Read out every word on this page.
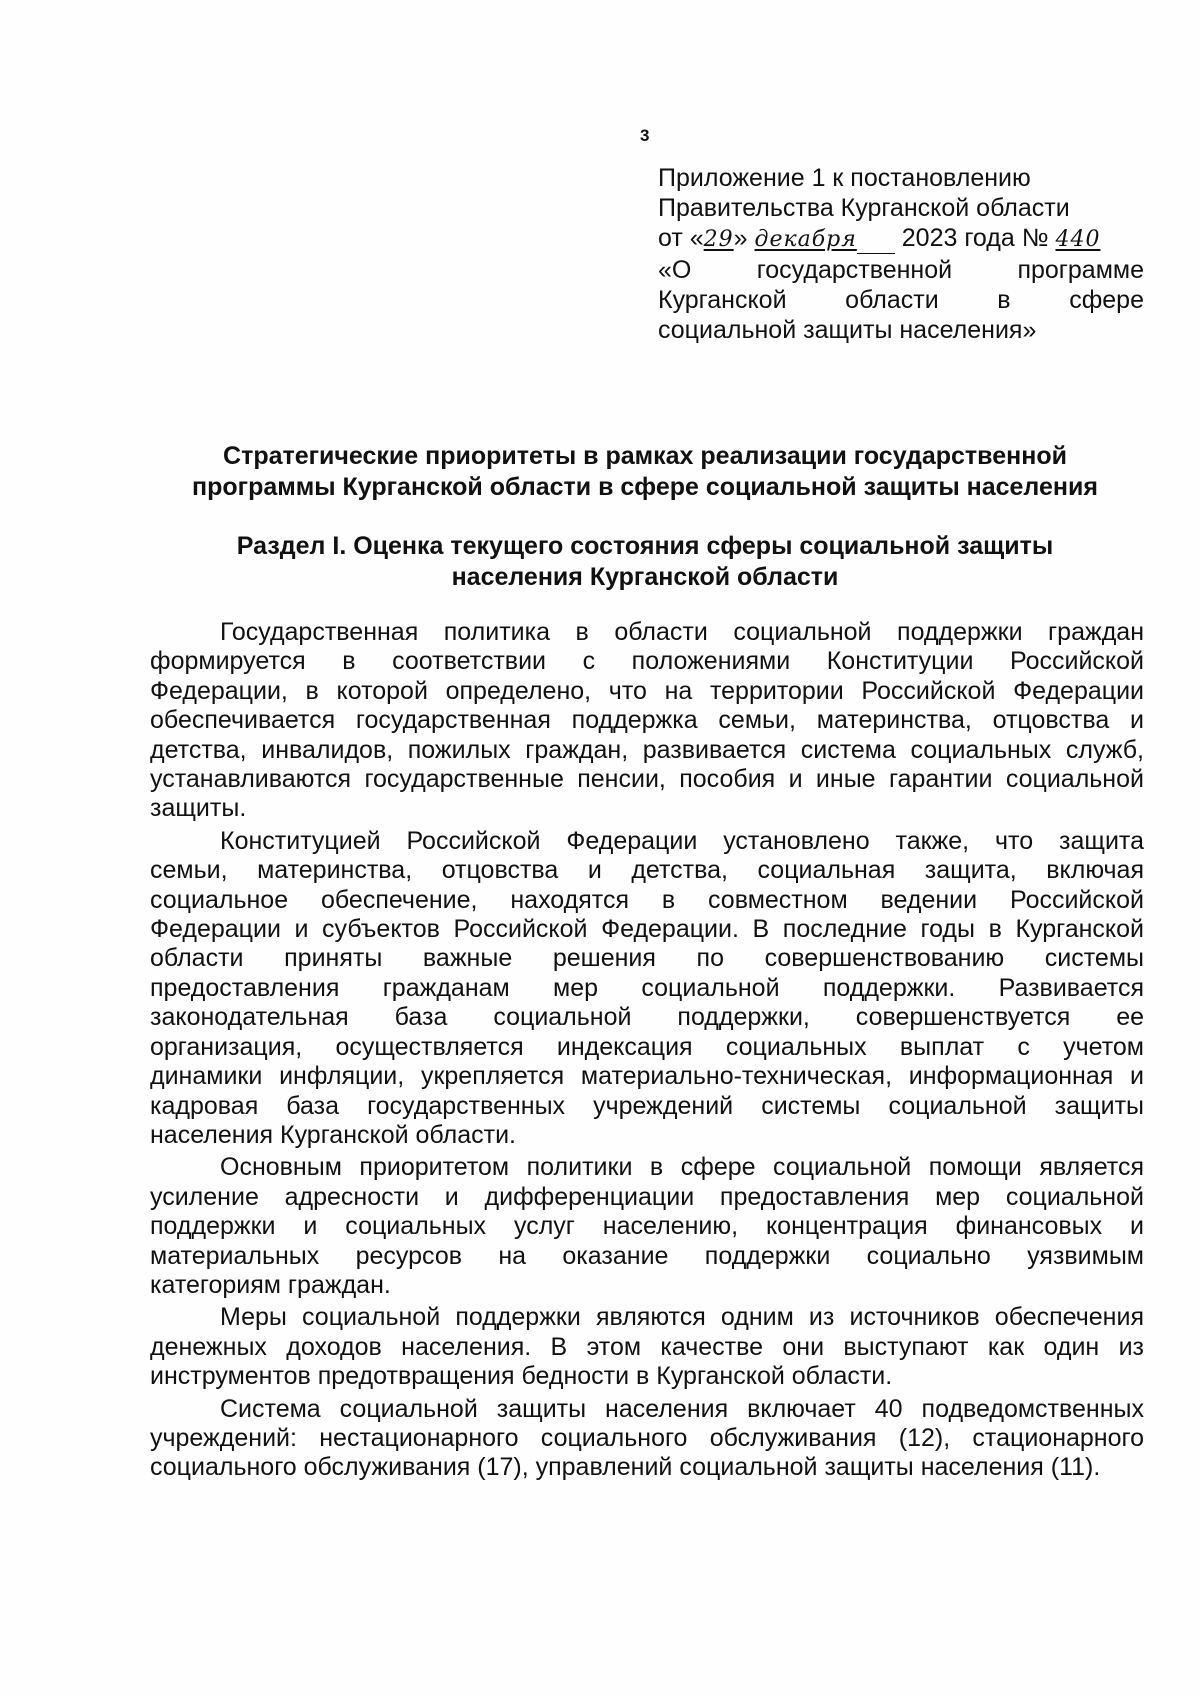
3
Приложение 1 к постановлению
Правительства Курганской области
от «29» декабря 2023 года № 440
«О государственной программе
Курганской области в сфере
социальной защиты населения»
Стратегические приоритеты в рамках реализации государственной
программы Курганской области в сфере социальной защиты населения
Раздел I. Оценка текущего состояния сферы социальной защиты
населения Курганской области

Государственная политика в области социальной поддержки граждан
формируется в соответствии с положениями Конституции Российской
Федерации, в которой определено, что на территории Российской Федерации
обеспечивается государственная поддержка семьи, материнства, отцовства и
детства, инвалидов, пожилых граждан, развивается система социальных служб,
устанавливаются государственные пенсии, пособия и иные гарантии социальной
защиты.

Конституцией Российской Федерации установлено также, что защита
семьи, материнства, отцовства и детства, социальная защита, включая
социальное обеспечение, находятся в совместном ведении Российской
Федерации и субъектов Российской Федерации. В последние годы в Курганской
области приняты важные решения по совершенствованию системы
предоставления гражданам мер социальной поддержки. Развивается
законодательная база социальной поддержки, совершенствуется ее
организация, осуществляется индексация социальных выплат с учетом
динамики инфляции, укрепляется материально-техническая, информационная и
кадровая база государственных учреждений системы социальной защиты
населения Курганской области.

Основным приоритетом политики в сфере социальной помощи является
усиление адресности и дифференциации предоставления мер социальной
поддержки и социальных услуг населению, концентрация финансовых и
материальных ресурсов на оказание поддержки социально уязвимым
категориям граждан.

Меры социальной поддержки являются одним из источников обеспечения
денежных доходов населения. В этом качестве они выступают как один из
инструментов предотвращения бедности в Курганской области.

Система социальной защиты населения включает 40 подведомственных
учреждений: нестационарного социального обслуживания (12), стационарного
социального обслуживания (17), управлений социальной защиты населения (11).
